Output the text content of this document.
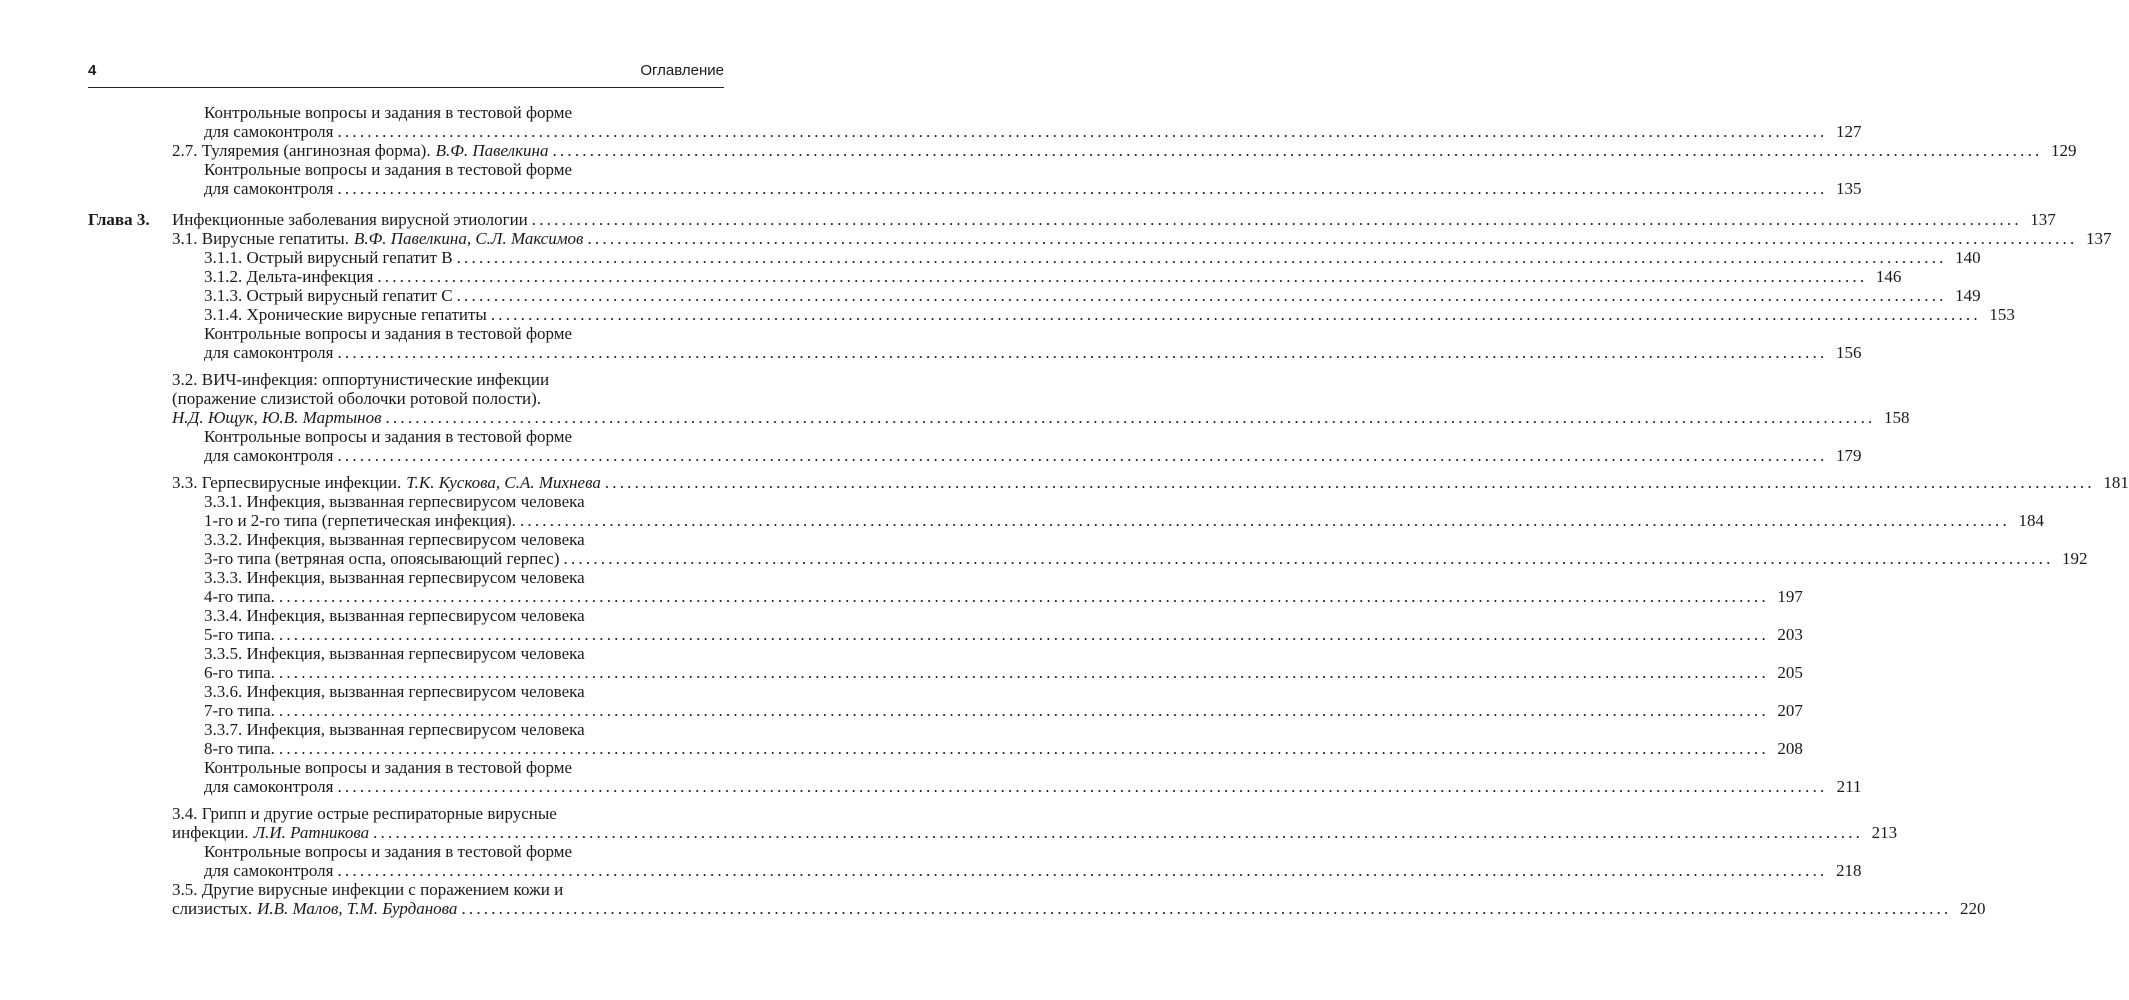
4	Оглавление
Контрольные вопросы и задания в тестовой форме
для самоконтроля ........................................................................................................................................................................................................ 127
2.7. Туляремия (ангинозная форма). В.Ф. Павелкина ........................................................................................................................................................................................................ 129
Контрольные вопросы и задания в тестовой форме
для самоконтроля ........................................................................................................................................................................................................ 135
Глава 3. Инфекционные заболевания вирусной этиологии ........................................................................................................................................................................................................ 137
3.1. Вирусные гепатиты. В.Ф. Павелкина, С.Л. Максимов ........................................................................................................................................................................................................ 137
3.1.1. Острый вирусный гепатит B ........................................................................................................................................................................................................ 140
3.1.2. Дельта-инфекция ........................................................................................................................................................................................................ 146
3.1.3. Острый вирусный гепатит C ........................................................................................................................................................................................................ 149
3.1.4. Хронические вирусные гепатиты ........................................................................................................................................................................................................ 153
Контрольные вопросы и задания в тестовой форме
для самоконтроля ........................................................................................................................................................................................................ 156
3.2. ВИЧ-инфекция: оппортунистические инфекции
(поражение слизистой оболочки ротовой полости).
Н.Д. Ющук, Ю.В. Мартынов ........................................................................................................................................................................................................ 158
Контрольные вопросы и задания в тестовой форме
для самоконтроля ........................................................................................................................................................................................................ 179
3.3. Герпесвирусные инфекции. Т.К. Кускова, С.А. Михнева ........................................................................................................................................................................................................ 181
3.3.1. Инфекция, вызванная герпесвирусом человека
1-го и 2-го типа (герпетическая инфекция). ........................................................................................................................................................................................................ 184
3.3.2. Инфекция, вызванная герпесвирусом человека
3-го типа (ветряная оспа, опоясывающий герпес) ........................................................................................................................................................................................................ 192
3.3.3. Инфекция, вызванная герпесвирусом человека
4-го типа. ........................................................................................................................................................................................................ 197
3.3.4. Инфекция, вызванная герпесвирусом человека
5-го типа. ........................................................................................................................................................................................................ 203
3.3.5. Инфекция, вызванная герпесвирусом человека
6-го типа. ........................................................................................................................................................................................................ 205
3.3.6. Инфекция, вызванная герпесвирусом человека
7-го типа. ........................................................................................................................................................................................................ 207
3.3.7. Инфекция, вызванная герпесвирусом человека
8-го типа. ........................................................................................................................................................................................................ 208
Контрольные вопросы и задания в тестовой форме
для самоконтроля ........................................................................................................................................................................................................ 211
3.4. Грипп и другие острые респираторные вирусные
инфекции. Л.И. Ратникова ........................................................................................................................................................................................................ 213
Контрольные вопросы и задания в тестовой форме
для самоконтроля ........................................................................................................................................................................................................ 218
3.5. Другие вирусные инфекции с поражением кожи и
слизистых. И.В. Малов, Т.М. Бурданова ........................................................................................................................................................................................................ 220
